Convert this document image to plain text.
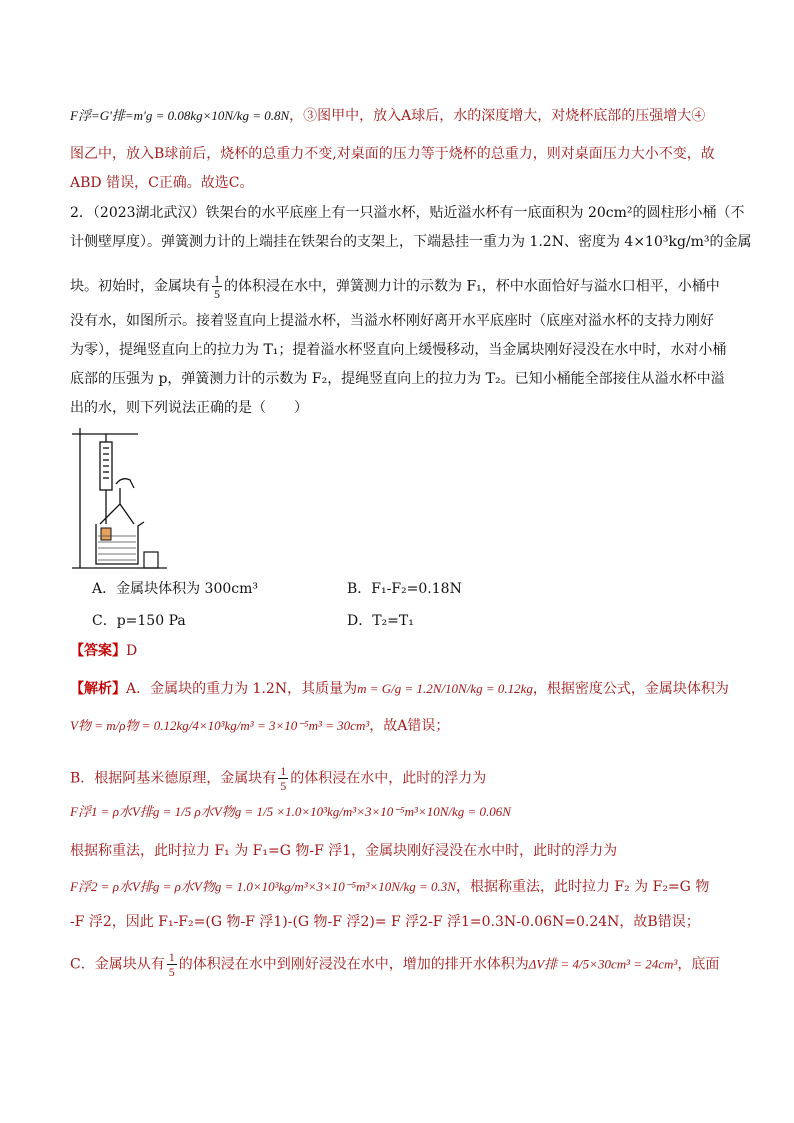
F浮=G'排=m'g = 0.08kg×10N/kg = 0.8N，③图甲中，放入A球后，水的深度增大，对烧杯底部的压强增大④
图乙中，放入B球前后，烧杯的总重力不变,对桌面的压力等于烧杯的总重力，则对桌面压力大小不变，故
ABD 错误，C正确。故选C。
2．（2023湖北武汉）铁架台的水平底座上有一只溢水杯，贴近溢水杯有一底面积为 20cm²的圆柱形小桶（不
计侧壁厚度）。弹簧测力计的上端挂在铁架台的支架上，下端悬挂一重力为 1.2N、密度为 4×10³kg/m³的金属
块。初始时，金属块有 $\frac{1}{5}$ 的体积浸在水中，弹簧测力计的示数为 F₁，杯中水面恰好与溢水口相平，小桶中
没有水，如图所示。接着竖直向上提溢水杯，当溢水杯刚好离开水平底座时（底座对溢水杯的支持力刚好
为零），提绳竖直向上的拉力为 T₁；提着溢水杯竖直向上缓慢移动，当金属块刚好浸没在水中时，水对小桶
底部的压强为 p，弹簧测力计的示数为 F₂，提绳竖直向上的拉力为 T₂。已知小桶能全部接住从溢水杯中溢
出的水，则下列说法正确的是（　　）
A．金属块体积为 300cm³	B．F₁-F₂=0.18N
C．p=150 Pa	D．T₂=T₁
【答案】D
【解析】A．金属块的重力为 1.2N，其质量为m = G/g = 1.2N/10N/kg = 0.12kg，根据密度公式，金属块体积为
V物 = m/ρ物 = 0.12kg/4×10³kg/m³ = 3×10⁻⁵m³ = 30cm³，故A错误；
B．根据阿基米德原理，金属块有 $\frac{1}{5}$ 的体积浸在水中，此时的浮力为
F浮1 = ρ水V排g = 1/5 ρ水V物g = 1/5 ×1.0×10³kg/m³×3×10⁻⁵m³×10N/kg = 0.06N
根据称重法，此时拉力 F₁ 为 F₁=G 物-F 浮1，金属块刚好浸没在水中时，此时的浮力为
F浮2 = ρ水V排g = ρ水V物g = 1.0×10³kg/m³×3×10⁻⁵m³×10N/kg = 0.3N，根据称重法，此时拉力 F₂ 为 F₂=G 物
-F 浮2，因此 F₁-F₂=(G 物-F 浮1)-(G 物-F 浮2)= F 浮2-F 浮1=0.3N-0.06N=0.24N，故B错误；
C．金属块从有 $\frac{1}{5}$ 的体积浸在水中到刚好浸没在水中，增加的排开水体积为ΔV排 = 4/5×30cm³ = 24cm³，底面
